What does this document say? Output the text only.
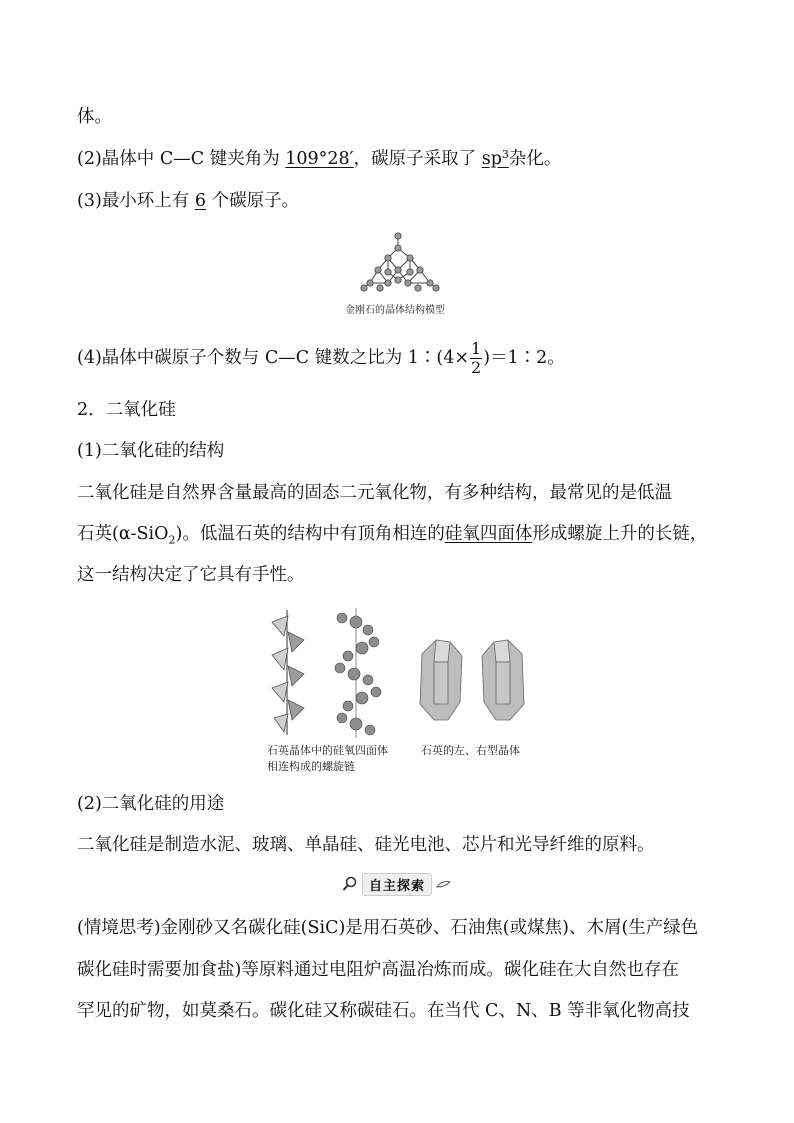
体。
(2)晶体中 C—C 键夹角为 109°28′，碳原子采取了 $sp^3$杂化。
(3)最小环上有 6 个碳原子。
金刚石的晶体结构模型
(4)晶体中碳原子个数与 C—C 键数之比为 1∶(4× $\frac{1}{2}$ )＝1∶2。
2．二氧化硅
(1)二氧化硅的结构
二氧化硅是自然界含量最高的固态二元氧化物，有多种结构，最常见的是低温
石英(α-SiO$_2$)。低温石英的结构中有顶角相连的硅氧四面体形成螺旋上升的长链，
这一结构决定了它具有手性。
石英晶体中的硅氧四面体
相连构成的螺旋链
石英的左、右型晶体
(2)二氧化硅的用途
二氧化硅是制造水泥、玻璃、单晶硅、硅光电池、芯片和光导纤维的原料。
自主探索
(情境思考)金刚砂又名碳化硅(SiC)是用石英砂、石油焦(或煤焦)、木屑(生产绿色
碳化硅时需要加食盐)等原料通过电阻炉高温冶炼而成。碳化硅在大自然也存在
罕见的矿物，如莫桑石。碳化硅又称碳硅石。在当代 C、N、B 等非氧化物高技
